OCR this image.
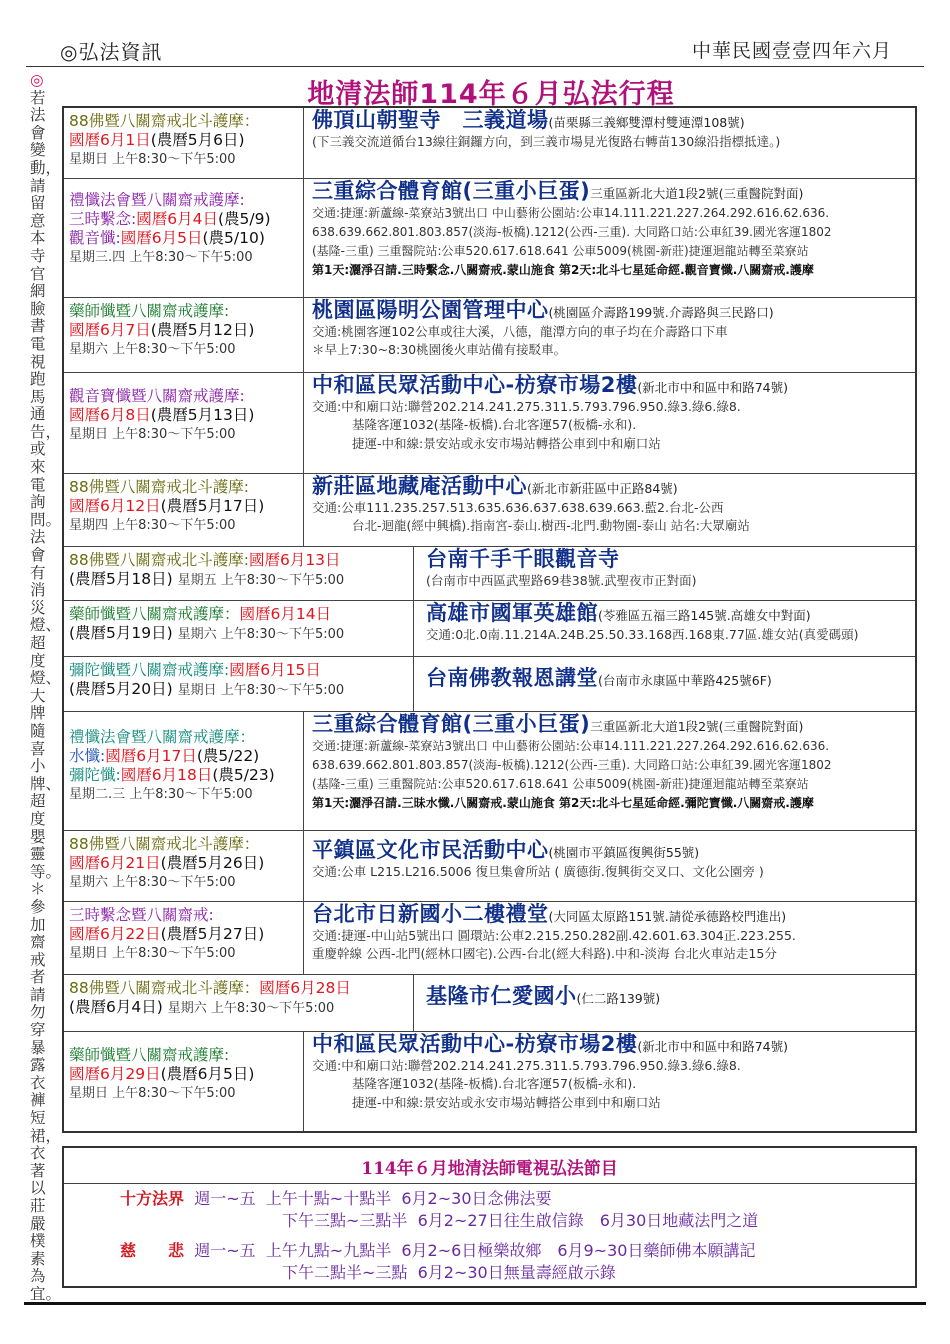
◎弘法資訊	中華民國壹壹四年六月
◎若法會變動，請留意本寺官網臉書電視跑馬通告，或來電詢問。法會有消災燈、超度燈、大牌隨喜小牌、超度嬰靈等。＊參加齋戒者請勿穿暴露衣褲短裙，衣著以莊嚴樸素為宜。
地清法師114年６月弘法行程
88佛暨八關齋戒北斗護摩：
國曆6月1日(農曆5月6日)
星期日 上午8:30～下午5:00
佛頂山朝聖寺　三義道場(苗栗縣三義鄉雙潭村雙連潭108號)
(下三義交流道循台13線往銅鑼方向，到三義市場見光復路右轉苗130線沿指標抵達。)
禮懺法會暨八關齋戒護摩:
三時繫念:國曆6月4日(農5/9)
觀音懺:國曆6月5日(農5/10)
星期三.四 上午8:30～下午5:00
三重綜合體育館(三重小巨蛋)三重區新北大道1段2號(三重醫院對面)
交通:捷運:新蘆線-菜寮站3號出口 中山藝術公園站:公車14.111.221.227.264.292.616.62.636.
638.639.662.801.803.857(淡海-板橋).1212(公西-三重). 大同路口站:公車紅39.國光客運1802
(基隆-三重) 三重醫院站:公車520.617.618.641 公車5009(桃園-新莊)捷運迴龍站轉至菜寮站
第1天:灑淨召請.三時繫念.八關齋戒.蒙山施食 第2天:北斗七星延命經.觀音寶懺.八關齋戒.護摩
藥師懺暨八關齋戒護摩:
國曆6月7日(農曆5月12日)
星期六 上午8:30～下午5:00
桃園區陽明公園管理中心(桃園區介壽路199號.介壽路與三民路口)
交通:桃園客運102公車或往大溪，八德，龍潭方向的車子均在介壽路口下車
＊早上7:30~8:30桃園後火車站備有接駁車。
觀音寶懺暨八關齋戒護摩:
國曆6月8日(農曆5月13日)
星期日 上午8:30～下午5:00
中和區民眾活動中心-枋寮市場2樓(新北市中和區中和路74號)
交通:中和廟口站:聯營202.214.241.275.311.5.793.796.950.綠3.綠6.綠8.
基隆客運1032(基隆-板橋).台北客運57(板橋-永和).
捷運-中和線:景安站或永安市場站轉搭公車到中和廟口站
88佛暨八關齋戒北斗護摩:
國曆6月12日(農曆5月17日)
星期四 上午8:30～下午5:00
新莊區地藏庵活動中心(新北市新莊區中正路84號)
交通:公車111.235.257.513.635.636.637.638.639.663.藍2.台北-公西
台北-迴龍(經中興橋).指南宮-泰山.樹西-北門.動物園-泰山 站名:大眾廟站
88佛暨八關齋戒北斗護摩:國曆6月13日
(農曆5月18日) 星期五 上午8:30～下午5:00
台南千手千眼觀音寺
(台南市中西區武聖路69巷38號.武聖夜市正對面)
藥師懺暨八關齋戒護摩：國曆6月14日
(農曆5月19日) 星期六 上午8:30～下午5:00
高雄市國軍英雄館(苓雅區五福三路145號.高雄女中對面)
交通:0北.0南.11.214A.24B.25.50.33.168西.168東.77區.雄女站(真愛碼頭)
彌陀懺暨八關齋戒護摩:國曆6月15日
(農曆5月20日) 星期日 上午8:30～下午5:00
台南佛教報恩講堂(台南市永康區中華路425號6F)
禮懺法會暨八關齋戒護摩：
水懺:國曆6月17日(農5/22)
彌陀懺:國曆6月18日(農5/23)
星期二.三 上午8:30～下午5:00
三重綜合體育館(三重小巨蛋)三重區新北大道1段2號(三重醫院對面)
交通:捷運:新蘆線-菜寮站3號出口 中山藝術公園站:公車14.111.221.227.264.292.616.62.636.
638.639.662.801.803.857(淡海-板橋).1212(公西-三重). 大同路口站:公車紅39.國光客運1802
(基隆-三重) 三重醫院站:公車520.617.618.641 公車5009(桃園-新莊)捷運迴龍站轉至菜寮站
第1天:灑淨召請.三昧水懺.八關齋戒.蒙山施食 第2天:北斗七星延命經.彌陀寶懺.八關齋戒.護摩
88佛暨八關齋戒北斗護摩：
國曆6月21日(農曆5月26日)
星期六 上午8:30～下午5:00
平鎮區文化市民活動中心(桃園市平鎮區復興街55號)
交通:公車 L215.L216.5006 復旦集會所站 ( 廣德街.復興街交叉口、文化公園旁 )
三時繫念暨八關齋戒:
國曆6月22日(農曆5月27日)
星期日 上午8:30～下午5:00
台北市日新國小二樓禮堂(大同區太原路151號.請從承德路校門進出)
交通:捷運-中山站5號出口 圓環站:公車2.215.250.282副.42.601.63.304正.223.255.
重慶幹線 公西-北門(經林口國宅).公西-台北(經大科路).中和-淡海 台北火車站走15分
88佛暨八關齋戒北斗護摩：國曆6月28日
(農曆6月4日) 星期六 上午8:30～下午5:00
基隆市仁愛國小(仁二路139號)
藥師懺暨八關齋戒護摩:
國曆6月29日(農曆6月5日)
星期日 上午8:30～下午5:00
中和區民眾活動中心-枋寮市場2樓(新北市中和區中和路74號)
交通:中和廟口站:聯營202.214.241.275.311.5.793.796.950.綠3.綠6.綠8.
基隆客運1032(基隆-板橋).台北客運57(板橋-永和).
捷運-中和線:景安站或永安市場站轉搭公車到中和廟口站
114年６月地清法師電視弘法節目
十方法界 週一~五 上午十點~十點半 6月2~30日念佛法要
下午三點~三點半 6月2~27日往生啟信錄　6月30日地藏法門之道
慈　　悲 週一~五 上午九點~九點半 6月2~6日極樂故鄉　6月9~30日藥師佛本願講記
下午二點半~三點 6月2~30日無量壽經啟示錄
